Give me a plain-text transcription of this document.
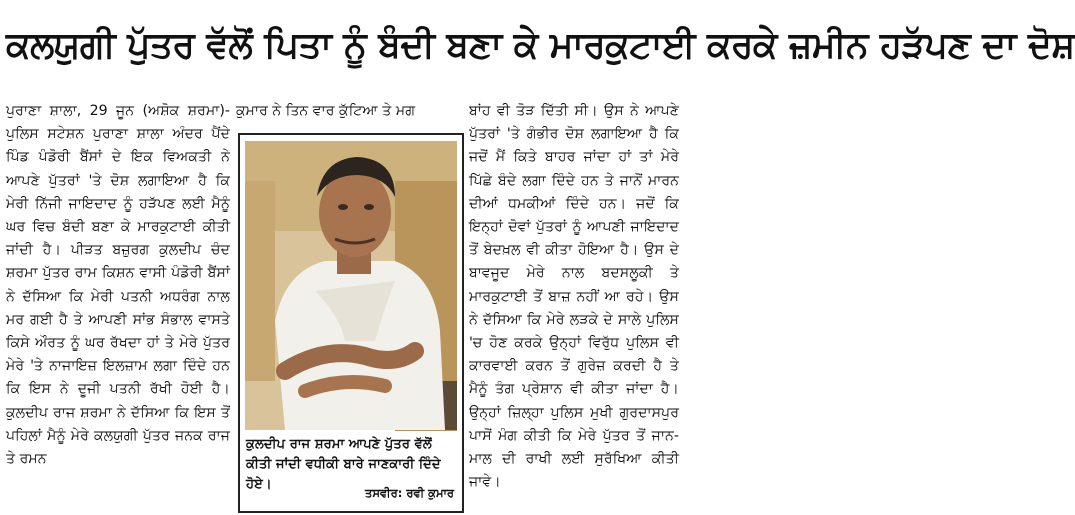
ਕਲਯੁਗੀ ਪੁੱਤਰ ਵੱਲੋਂ ਪਿਤਾ ਨੂੰ ਬੰਦੀ ਬਣਾ ਕੇ ਮਾਰਕੁਟਾਈ ਕਰਕੇ ਜ਼ਮੀਨ ਹੜੱਪਣ ਦਾ ਦੋਸ਼

ਪੁਰਾਣਾ ਸ਼ਾਲਾ, 29 ਜੂਨ (ਅਸ਼ੋਕ ਸ਼ਰਮਾ)-ਪੁਲਿਸ ਸਟੇਸ਼ਨ ਪੁਰਾਣਾ ਸ਼ਾਲਾ ਅੰਦਰ ਪੈਂਦੇ ਪਿੰਡ ਪੰਡੋਰੀ ਬੈਂਸਾਂ ਦੇ ਇਕ ਵਿਅਕਤੀ ਨੇ ਆਪਣੇ ਪੁੱਤਰਾਂ 'ਤੇ ਦੋਸ਼ ਲਗਾਇਆ ਹੈ ਕਿ ਮੇਰੀ ਨਿੱਜੀ ਜਾਇਦਾਦ ਨੂੰ ਹੜੱਪਣ ਲਈ ਮੈਨੂੰ ਘਰ ਵਿਚ ਬੰਦੀ ਬਣਾ ਕੇ ਮਾਰਕੁਟਾਈ ਕੀਤੀ ਜਾਂਦੀ ਹੈ। ਪੀੜਤ ਬਜ਼ੁਰਗ ਕੁਲਦੀਪ ਚੰਦ ਸ਼ਰਮਾ ਪੁੱਤਰ ਰਾਮ ਕਿਸ਼ਨ ਵਾਸੀ ਪੰਡੋਰੀ ਬੈਂਸਾਂ ਨੇ ਦੱਸਿਆ ਕਿ ਮੇਰੀ ਪਤਨੀ ਅਧਰੰਗ ਨਾਲ ਮਰ ਗਈ ਹੈ ਤੇ ਆਪਣੀ ਸਾਂਭ ਸੰਭਾਲ ਵਾਸਤੇ ਕਿਸੇ ਔਰਤ ਨੂੰ ਘਰ ਰੱਖਦਾ ਹਾਂ ਤੇ ਮੇਰੇ ਪੁੱਤਰ ਮੇਰੇ 'ਤੇ ਨਾਜਾਇਜ਼ ਇਲਜ਼ਾਮ ਲਗਾ ਦਿੰਦੇ ਹਨ ਕਿ ਇਸ ਨੇ ਦੂਜੀ ਪਤਨੀ ਰੱਖੀ ਹੋਈ ਹੈ। ਕੁਲਦੀਪ ਰਾਜ ਸ਼ਰਮਾ ਨੇ ਦੱਸਿਆ ਕਿ ਇਸ ਤੋਂ ਪਹਿਲਾਂ ਮੈਨੂੰ ਮੇਰੇ ਕਲਯੁਗੀ ਪੁੱਤਰ ਜਨਕ ਰਾਜ ਤੇ ਰਮਨ

ਕੁਮਾਰ ਨੇ ਤਿਨ ਵਾਰ ਕੁੱਟਿਆ ਤੇ ਮਗ
ਕੁਲਦੀਪ ਰਾਜ ਸ਼ਰਮਾ ਆਪਣੇ ਪੁੱਤਰ ਵੱਲੋਂ ਕੀਤੀ ਜਾਂਦੀ ਵਧੀਕੀ ਬਾਰੇ ਜਾਣਕਾਰੀ ਦਿੰਦੇ ਹੋਏ।
ਤਸਵੀਰ: ਰਵੀ ਕੁਮਾਰ

ਬਾਂਹ ਵੀ ਤੋੜ ਦਿੱਤੀ ਸੀ। ਉਸ ਨੇ ਆਪਣੇ ਪੁੱਤਰਾਂ 'ਤੇ ਗੰਭੀਰ ਦੋਸ਼ ਲਗਾਇਆ ਹੈ ਕਿ ਜਦੋਂ ਮੈਂ ਕਿਤੇ ਬਾਹਰ ਜਾਂਦਾ ਹਾਂ ਤਾਂ ਮੇਰੇ ਪਿੱਛੇ ਬੰਦੇ ਲਗਾ ਦਿੰਦੇ ਹਨ ਤੇ ਜਾਨੋਂ ਮਾਰਨ ਦੀਆਂ ਧਮਕੀਆਂ ਦਿੰਦੇ ਹਨ। ਜਦੋਂ ਕਿ ਇਨ੍ਹਾਂ ਦੋਵਾਂ ਪੁੱਤਰਾਂ ਨੂੰ ਆਪਣੀ ਜਾਇਦਾਦ ਤੋਂ ਬੇਦਖ਼ਲ ਵੀ ਕੀਤਾ ਹੋਇਆ ਹੈ। ਉਸ ਦੇ ਬਾਵਜੂਦ ਮੇਰੇ ਨਾਲ ਬਦਸਲੂਕੀ ਤੇ ਮਾਰਕੁਟਾਈ ਤੋਂ ਬਾਜ਼ ਨਹੀਂ ਆ ਰਹੇ। ਉਸ ਨੇ ਦੱਸਿਆ ਕਿ ਮੇਰੇ ਲੜਕੇ ਦੇ ਸਾਲੇ ਪੁਲਿਸ 'ਚ ਹੋਣ ਕਰਕੇ ਉਨ੍ਹਾਂ ਵਿਰੁੱਧ ਪੁਲਿਸ ਵੀ ਕਾਰਵਾਈ ਕਰਨ ਤੋਂ ਗੁਰੇਜ਼ ਕਰਦੀ ਹੈ ਤੇ ਮੈਨੂੰ ਤੰਗ ਪ੍ਰੇਸ਼ਾਨ ਵੀ ਕੀਤਾ ਜਾਂਦਾ ਹੈ। ਉਨ੍ਹਾਂ ਜ਼ਿਲ੍ਹਾ ਪੁਲਿਸ ਮੁਖੀ ਗੁਰਦਾਸਪੁਰ ਪਾਸੋਂ ਮੰਗ ਕੀਤੀ ਕਿ ਮੇਰੇ ਪੁੱਤਰ ਤੋਂ ਜਾਨ-ਮਾਲ ਦੀ ਰਾਖੀ ਲਈ ਸੁਰੱਖਿਆ ਕੀਤੀ ਜਾਵੇ।
